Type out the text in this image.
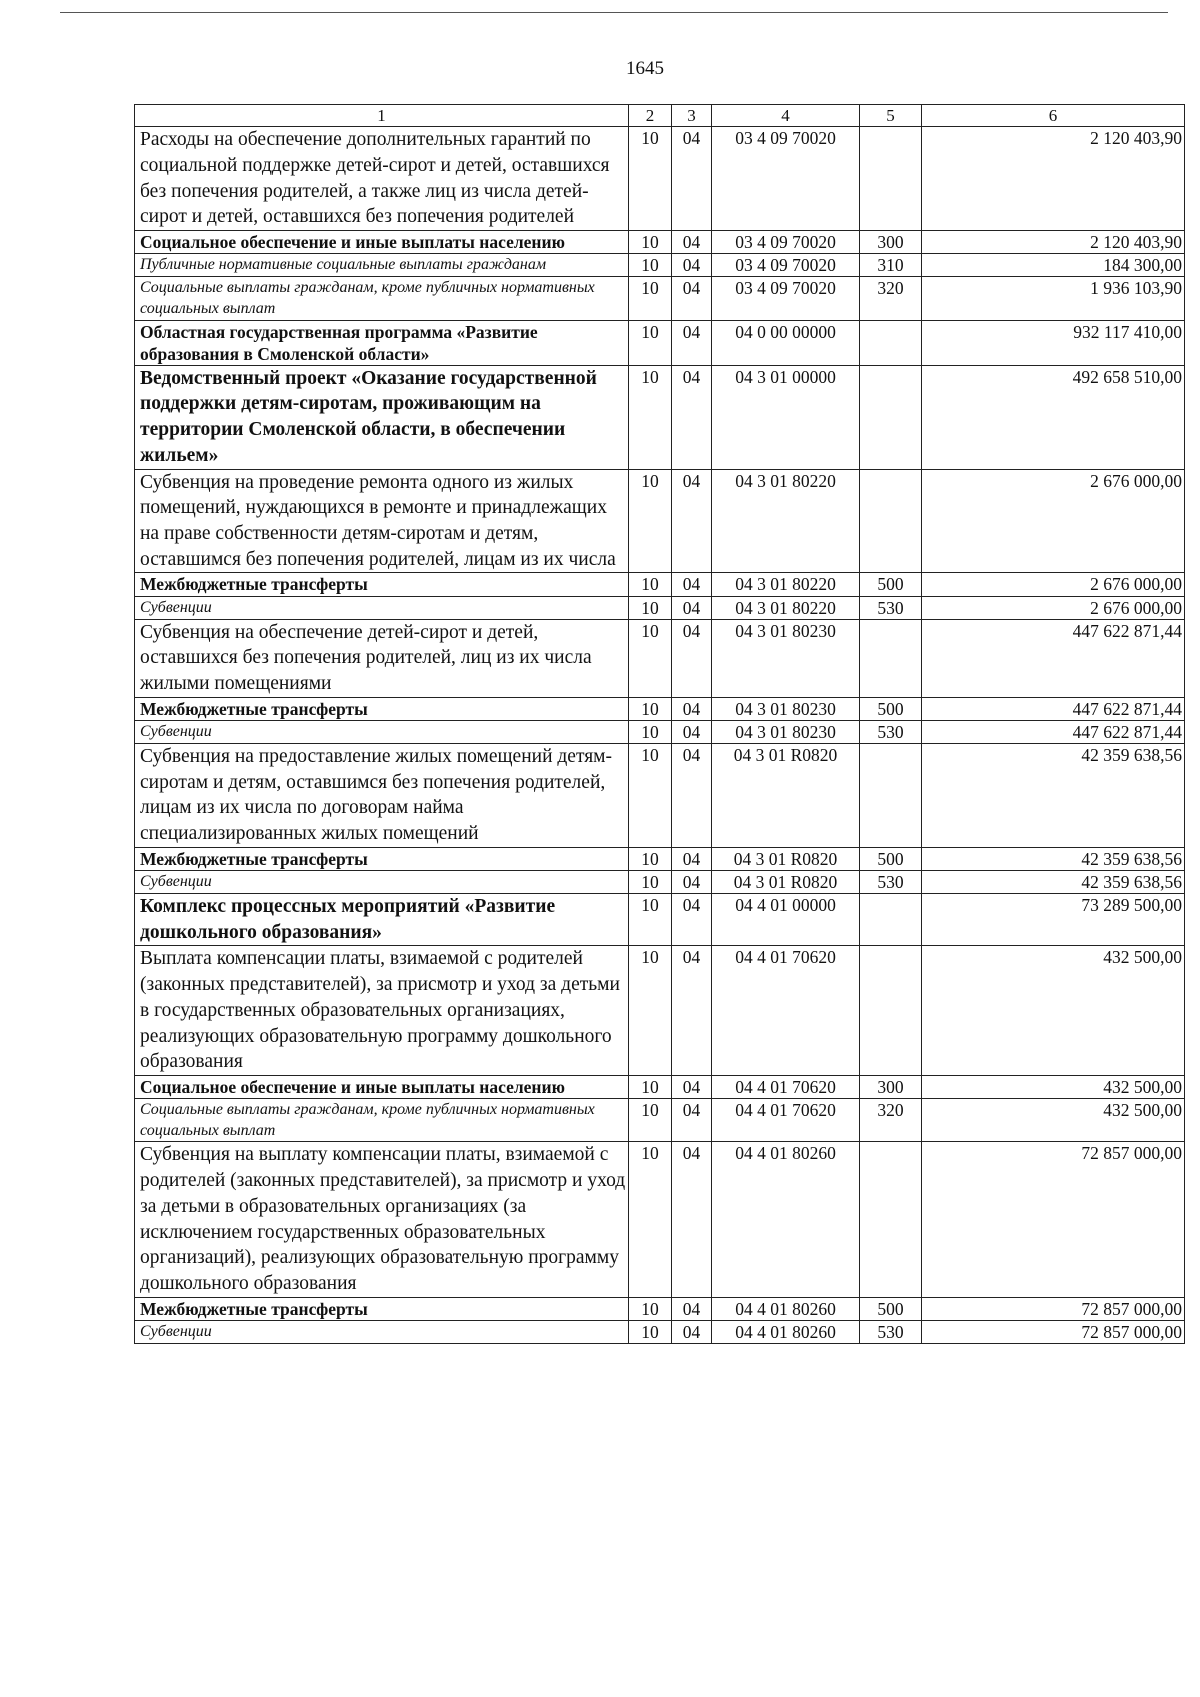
1645
1	2	3	4	5	6
Расходы на обеспечение дополнительных гарантий по социальной поддержке детей-сирот и детей, оставшихся без попечения родителей, а также лиц из числа детей-сирот и детей, оставшихся без попечения родителей	10	04	03 4 09 70020		2 120 403,90
Социальное обеспечение и иные выплаты населению	10	04	03 4 09 70020	300	2 120 403,90
Публичные нормативные социальные выплаты гражданам	10	04	03 4 09 70020	310	184 300,00
Социальные выплаты гражданам, кроме публичных нормативных социальных выплат	10	04	03 4 09 70020	320	1 936 103,90
Областная государственная программа «Развитие образования в Смоленской области»	10	04	04 0 00 00000		932 117 410,00
Ведомственный проект «Оказание государственной поддержки детям-сиротам, проживающим на территории Смоленской области, в обеспечении жильем»	10	04	04 3 01 00000		492 658 510,00
Субвенция на проведение ремонта одного из жилых помещений, нуждающихся в ремонте и принадлежащих на праве собственности детям-сиротам и детям, оставшимся без попечения родителей, лицам из их числа	10	04	04 3 01 80220		2 676 000,00
Межбюджетные трансферты	10	04	04 3 01 80220	500	2 676 000,00
Субвенции	10	04	04 3 01 80220	530	2 676 000,00
Субвенция на обеспечение детей-сирот и детей, оставшихся без попечения родителей, лиц из их числа жилыми помещениями	10	04	04 3 01 80230		447 622 871,44
Межбюджетные трансферты	10	04	04 3 01 80230	500	447 622 871,44
Субвенции	10	04	04 3 01 80230	530	447 622 871,44
Субвенция на предоставление жилых помещений детям-сиротам и детям, оставшимся без попечения родителей, лицам из их числа по договорам найма специализированных жилых помещений	10	04	04 3 01 R0820		42 359 638,56
Межбюджетные трансферты	10	04	04 3 01 R0820	500	42 359 638,56
Субвенции	10	04	04 3 01 R0820	530	42 359 638,56
Комплекс процессных мероприятий «Развитие дошкольного образования»	10	04	04 4 01 00000		73 289 500,00
Выплата компенсации платы, взимаемой с родителей (законных представителей), за присмотр и уход за детьми в государственных образовательных организациях, реализующих образовательную программу дошкольного образования	10	04	04 4 01 70620		432 500,00
Социальное обеспечение и иные выплаты населению	10	04	04 4 01 70620	300	432 500,00
Социальные выплаты гражданам, кроме публичных нормативных социальных выплат	10	04	04 4 01 70620	320	432 500,00
Субвенция на выплату компенсации платы, взимаемой с родителей (законных представителей), за присмотр и уход за детьми в образовательных организациях (за исключением государственных образовательных организаций), реализующих образовательную программу дошкольного образования	10	04	04 4 01 80260		72 857 000,00
Межбюджетные трансферты	10	04	04 4 01 80260	500	72 857 000,00
Субвенции	10	04	04 4 01 80260	530	72 857 000,00
